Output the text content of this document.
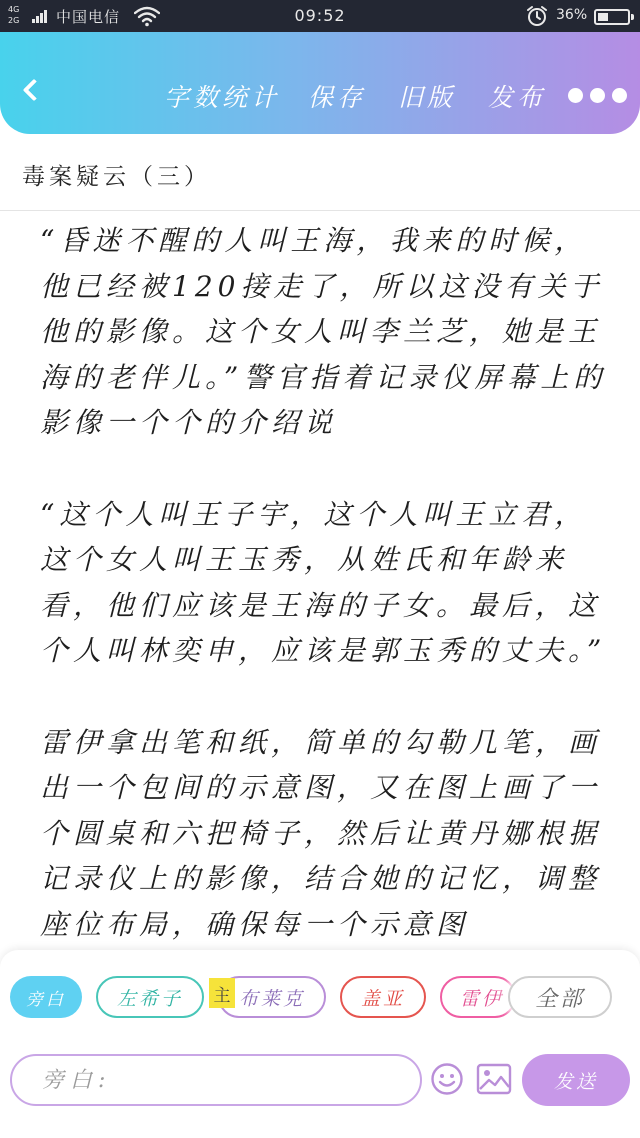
4G
2G 中国电信	09:52	36%
字数统计 保存 旧版 发布
毒案疑云（三）

“昏迷不醒的人叫王海，我来的时候，他已经被120接走了，所以这没有关于他的影像。这个女人叫李兰芝，她是王海的老伴儿。”警官指着记录仪屏幕上的影像一个个的介绍说

“这个人叫王子宇，这个人叫王立君，这个女人叫王玉秀，从姓氏和年龄来看，他们应该是王海的子女。最后，这个人叫林奕申，应该是郭玉秀的丈夫。”

雷伊拿出笔和纸，简单的勾勒几笔，画出一个包间的示意图，又在图上画了一个圆桌和六把椅子，然后让黄丹娜根据记录仪上的影像，结合她的记忆，调整座位布局，确保每一个示意图

旁白	左希子	布莱克
主	盖亚	雷伊	全部
旁白:
发送
